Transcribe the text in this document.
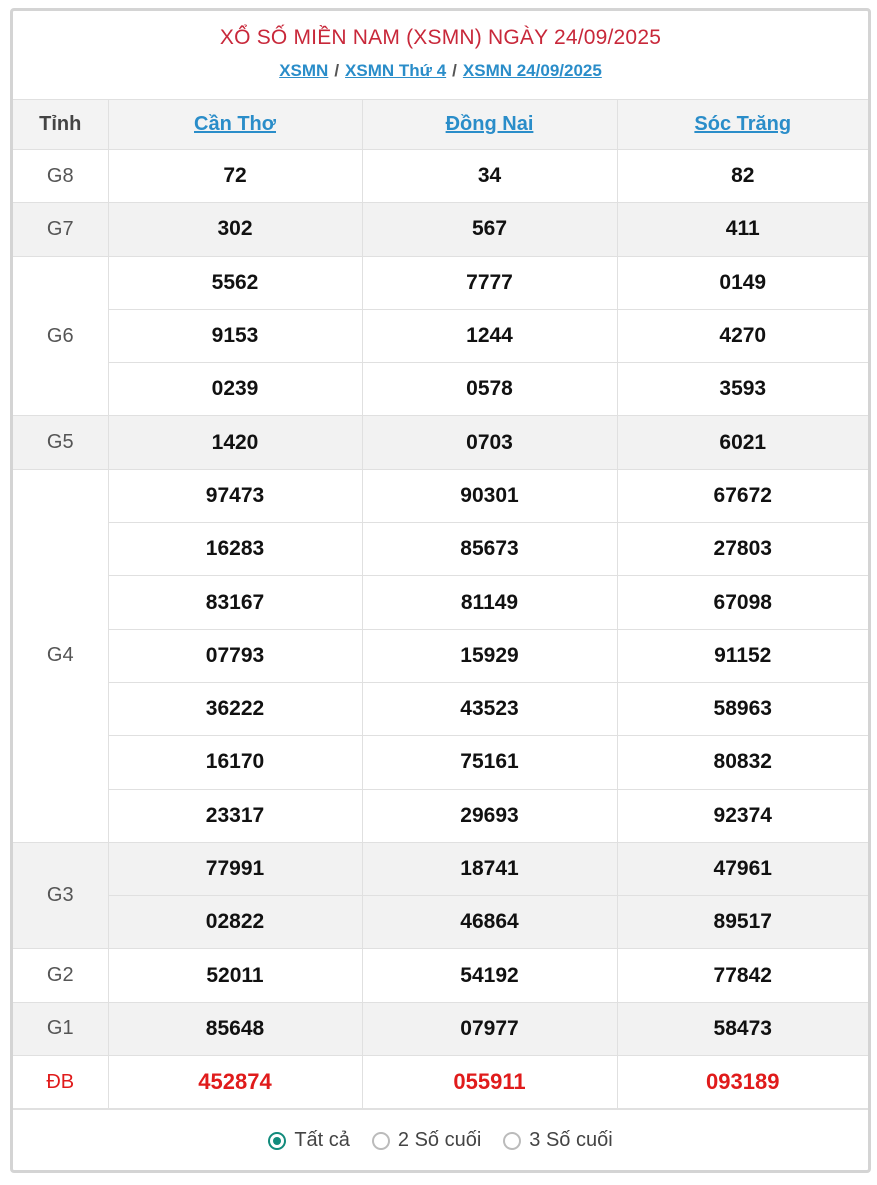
XỔ SỐ MIỀN NAM (XSMN) NGÀY 24/09/2025
XSMN / XSMN Thứ 4 / XSMN 24/09/2025
Tỉnh	Cần Thơ	Đồng Nai	Sóc Trăng
G8	72	34	82
G7	302	567	411
G6	5562	7777	0149
	9153	1244	4270
	0239	0578	3593
G5	1420	0703	6021
G4	97473	90301	67672
	16283	85673	27803
	83167	81149	67098
	07793	15929	91152
	36222	43523	58963
	16170	75161	80832
	23317	29693	92374
G3	77991	18741	47961
	02822	46864	89517
G2	52011	54192	77842
G1	85648	07977	58473
ĐB	452874	055911	093189
Tất cả 2 Số cuối 3 Số cuối
